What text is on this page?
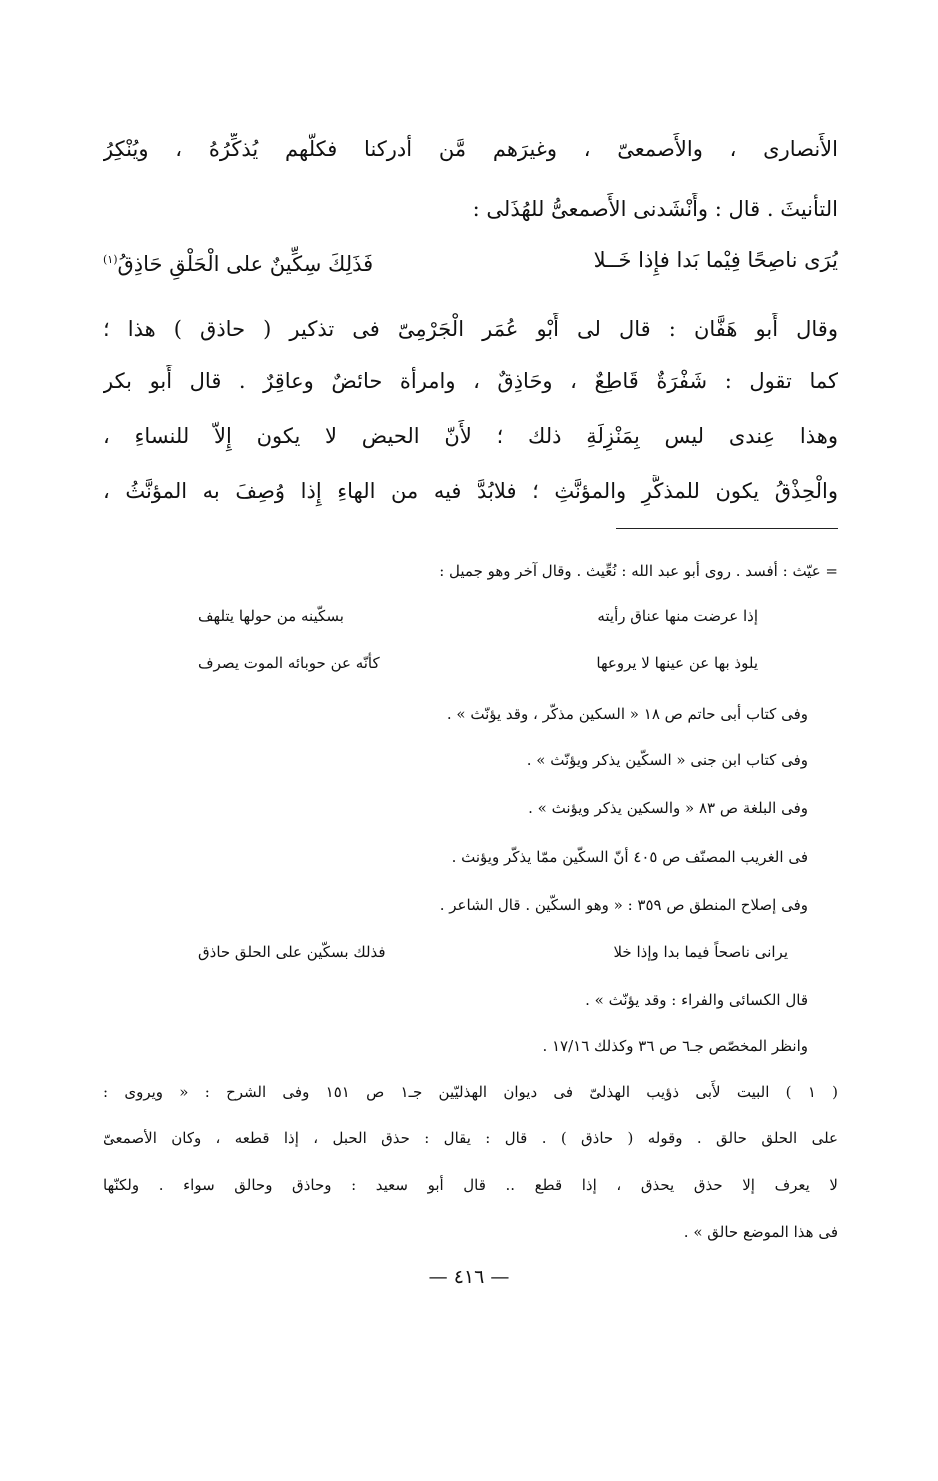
الأَنصارى ، والأَصمعىّ ، وغيرَهم مَّن أدركنا فكلُّهم يُذكِّرُهُ ، ويُنْكِرُ
التأنيثَ . قال : وأَنْشَدنى الأَصمعىُّ للهُذَلى :
يُرَى ناصِحًا فِيْما بَدا فإِذا خَــلا
فَذَلِكَ سِكِّينٌ على الْحَلْقِ حَاذِقُ$^{(١)}$
وقال أَبو هَفَّان : قال لى أَبْو عُمَر الْجَرْمِىّ فى تذكير ( حاذق ) هذا ؛
كما تقول : شَفْرَةٌ قَاطِعٌ ، وحَاذِقٌ ، وامرأة حائضٌ وعاقِرٌ . قال أَبو بكر
وهذا عِندى ليس بِمَنْزِلَةِ ذلك ؛ لأَنّ الحيض لا يكون إِلاّ للنساءِ ،
والْحِذْقُ يكون للمذكَّرِ والمؤنَّثِ ؛ فلابُدَّ فيه من الهاءِ إِذا وُصِفَ به المؤنَّثُ ،
= عيّث : أفسد . روى أبو عبد الله : نُعِّيث . وقال آخر وهو جميل :
إذا عرضت منها عناق رأيته
بسكّينه من حولها يتلهف
يلوذ بها عن عينها لا يروعها
كأنّه عن حوبائه الموت يصرف
وفى كتاب أبى حاتم ص ١٨ « السكين مذكّر ، وقد يؤنّث » .
وفى كتاب ابن جنى « السكّين يذكر ويؤنّث » .
وفى البلغة ص ٨٣ « والسكين يذكر ويؤنث » .
فى الغريب المصنّف ص ٤٠٥ أنّ السكّين ممّا يذكّر ويؤنث .
وفى إصلاح المنطق ص ٣٥٩ : « وهو السكّين . قال الشاعر .
يرانى ناصحاً فيما بدا وإذا خلا
فذلك بسكّين على الحلق حاذق
قال الكسائى والفراء : وقد يؤنّث » .
وانظر المخصّص جـ٦ ص ٣٦ وكذلك ١٧/١٦ .
( ١ ) البيت لأَبى ذؤيب الهذلىّ فى ديوان الهذليّين جـ١ ص ١٥١ وفى الشرح : « ويروى :
على الحلق حالق . وقوله ( حاذق ) . قال : يقال : حذق الحبل ، إذا قطعه ، وكان الأصمعىّ
لا يعرف إلا حذق يحذق ، إذا قطع .. قال أبو سعيد : وحاذق وحالق سواء . ولكنّها
فى هذا الموضع حالق » .
— ٤١٦ —
